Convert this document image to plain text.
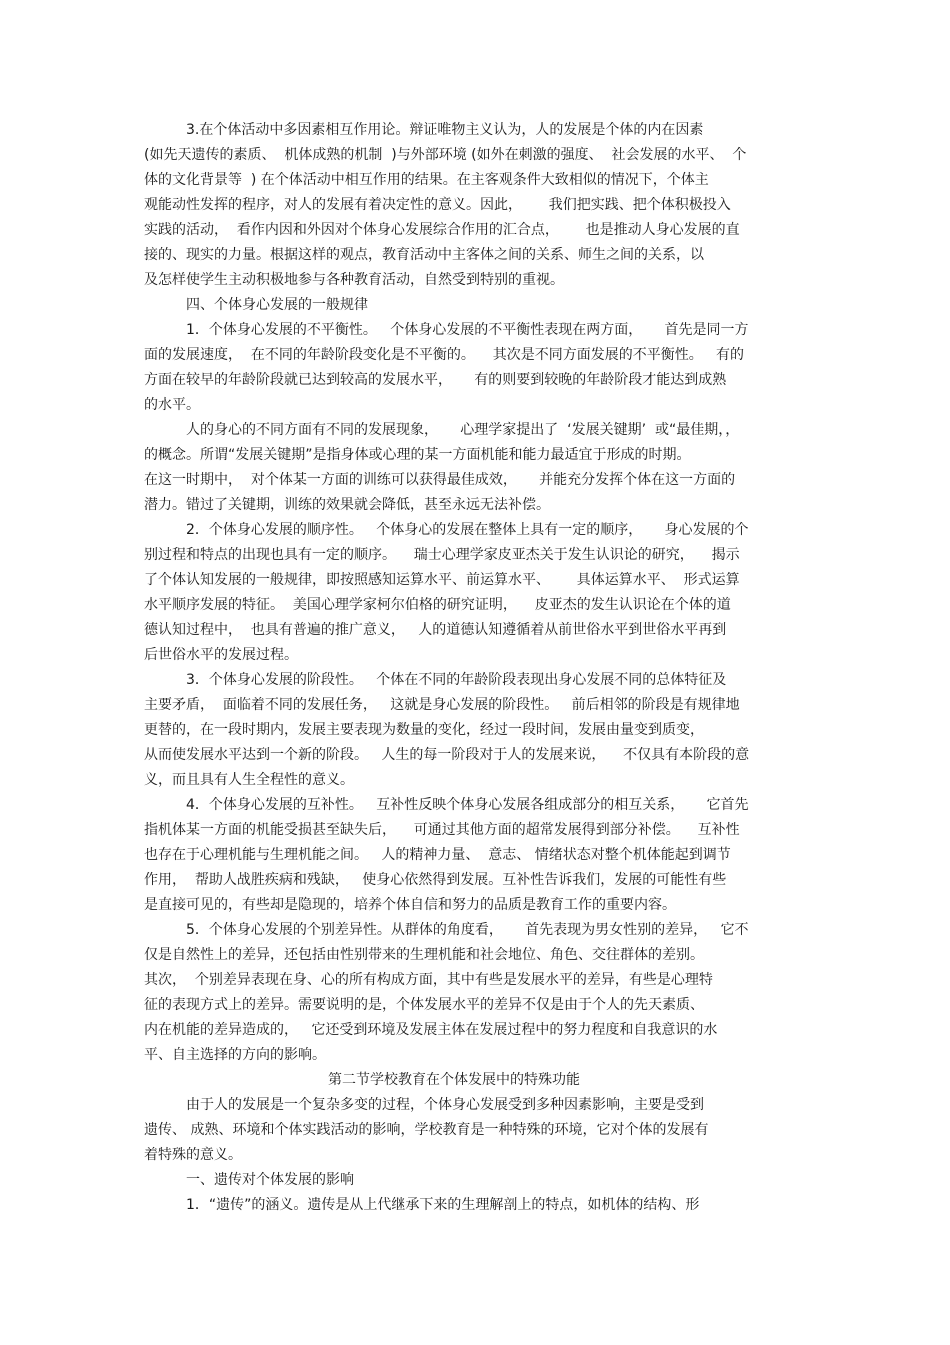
3.在个体活动中多因素相互作用论。辩证唯物主义认为，人的发展是个体的内在因素
(如先天遗传的素质、  机体成熟的机制  )与外部环境 (如外在刺激的强度、  社会发展的水平、  个
体的文化背景等  ) 在个体活动中相互作用的结果。在主客观条件大致相似的情况下，个体主
观能动性发挥的程序，对人的发展有着决定性的意义。因此，      我们把实践、把个体积极投入
实践的活动，  看作内因和外因对个体身心发展综合作用的汇合点，      也是推动人身心发展的直
接的、现实的力量。根据这样的观点，教育活动中主客体之间的关系、师生之间的关系，以
及怎样使学生主动积极地参与各种教育活动，自然受到特别的重视。
四、个体身心发展的一般规律
1．个体身心发展的不平衡性。   个体身心发展的不平衡性表现在两方面，     首先是同一方
面的发展速度，  在不同的年龄阶段变化是不平衡的。    其次是不同方面发展的不平衡性。   有的
方面在较早的年龄阶段就已达到较高的发展水平，     有的则要到较晚的年龄阶段才能达到成熟
的水平。
人的身心的不同方面有不同的发展现象，     心理学家提出了  ‘发展关键期’  或“最佳期，，
的概念。所谓“发展关键期”是指身体或心理的某一方面机能和能力最适宜于形成的时期。
在这一时期中，  对个体某一方面的训练可以获得最佳成效，     并能充分发挥个体在这一方面的
潜力。错过了关键期，训练的效果就会降低，甚至永远无法补偿。
2．个体身心发展的顺序性。   个体身心的发展在整体上具有一定的顺序，     身心发展的个
别过程和特点的出现也具有一定的顺序。    瑞士心理学家皮亚杰关于发生认识论的研究，    揭示
了个体认知发展的一般规律，即按照感知运算水平、前运算水平、      具体运算水平、  形式运算
水平顺序发展的特征。  美国心理学家柯尔伯格的研究证明，    皮亚杰的发生认识论在个体的道
德认知过程中，  也具有普遍的推广意义，   人的道德认知遵循着从前世俗水平到世俗水平再到
后世俗水平的发展过程。
3．个体身心发展的阶段性。   个体在不同的年龄阶段表现出身心发展不同的总体特征及
主要矛盾，  面临着不同的发展任务，   这就是身心发展的阶段性。   前后相邻的阶段是有规律地
更替的，在一段时期内，发展主要表现为数量的变化，经过一段时间，发展由量变到质变，
从而使发展水平达到一个新的阶段。   人生的每一阶段对于人的发展来说，    不仅具有本阶段的意
义，而且具有人生全程性的意义。
4．个体身心发展的互补性。   互补性反映个体身心发展各组成部分的相互关系，     它首先
指机体某一方面的机能受损甚至缺失后，    可通过其他方面的超常发展得到部分补偿。    互补性
也存在于心理机能与生理机能之间。   人的精神力量、  意志、 情绪状态对整个机体能起到调节
作用，  帮助人战胜疾病和残缺，   使身心依然得到发展。互补性告诉我们，发展的可能性有些
是直接可见的，有些却是隐现的，培养个体自信和努力的品质是教育工作的重要内容。
5．个体身心发展的个别差异性。从群体的角度看，     首先表现为男女性别的差异，   它不
仅是自然性上的差异，还包括由性别带来的生理机能和社会地位、角色、交往群体的差别。
其次，  个别差异表现在身、心的所有构成方面，其中有些是发展水平的差异，有些是心理特
征的表现方式上的差异。需要说明的是，个体发展水平的差异不仅是由于个人的先天素质、
内在机能的差异造成的，   它还受到环境及发展主体在发展过程中的努力程度和自我意识的水
平、自主选择的方向的影响。
第二节学校教育在个体发展中的特殊功能
由于人的发展是一个复杂多变的过程，个体身心发展受到多种因素影响，主要是受到
遗传、 成熟、环境和个体实践活动的影响，学校教育是一种特殊的环境，它对个体的发展有
着特殊的意义。
一、遗传对个体发展的影响
1．“遗传”的涵义。遗传是从上代继承下来的生理解剖上的特点，如机体的结构、形
